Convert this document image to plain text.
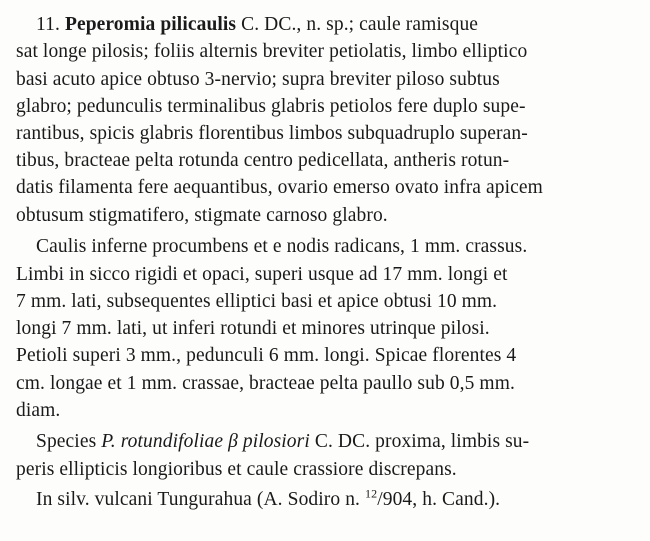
11. Peperomia pilicaulis C. DC., n. sp.; caule ramisque
sat longe pilosis; foliis alternis breviter petiolatis, limbo elliptico
basi acuto apice obtuso 3-nervio; supra breviter piloso subtus
glabro; pedunculis terminalibus glabris petiolos fere duplo supe-
rantibus, spicis glabris florentibus limbos subquadruplo superan-
tibus, bracteae pelta rotunda centro pedicellata, antheris rotun-
datis filamenta fere aequantibus, ovario emerso ovato infra apicem
obtusum stigmatifero, stigmate carnoso glabro.
Caulis inferne procumbens et e nodis radicans, 1 mm. crassus.
Limbi in sicco rigidi et opaci, superi usque ad 17 mm. longi et
7 mm. lati, subsequentes elliptici basi et apice obtusi 10 mm.
longi 7 mm. lati, ut inferi rotundi et minores utrinque pilosi.
Petioli superi 3 mm., pedunculi 6 mm. longi. Spicae florentes 4
cm. longae et 1 mm. crassae, bracteae pelta paullo sub 0,5 mm.
diam.
Species P. rotundifoliae β pilosiori C. DC. proxima, limbis su-
peris ellipticis longioribus et caule crassiore discrepans.
In silv. vulcani Tungurahua (A. Sodiro n. $^{12}$/904, h. Cand.).
